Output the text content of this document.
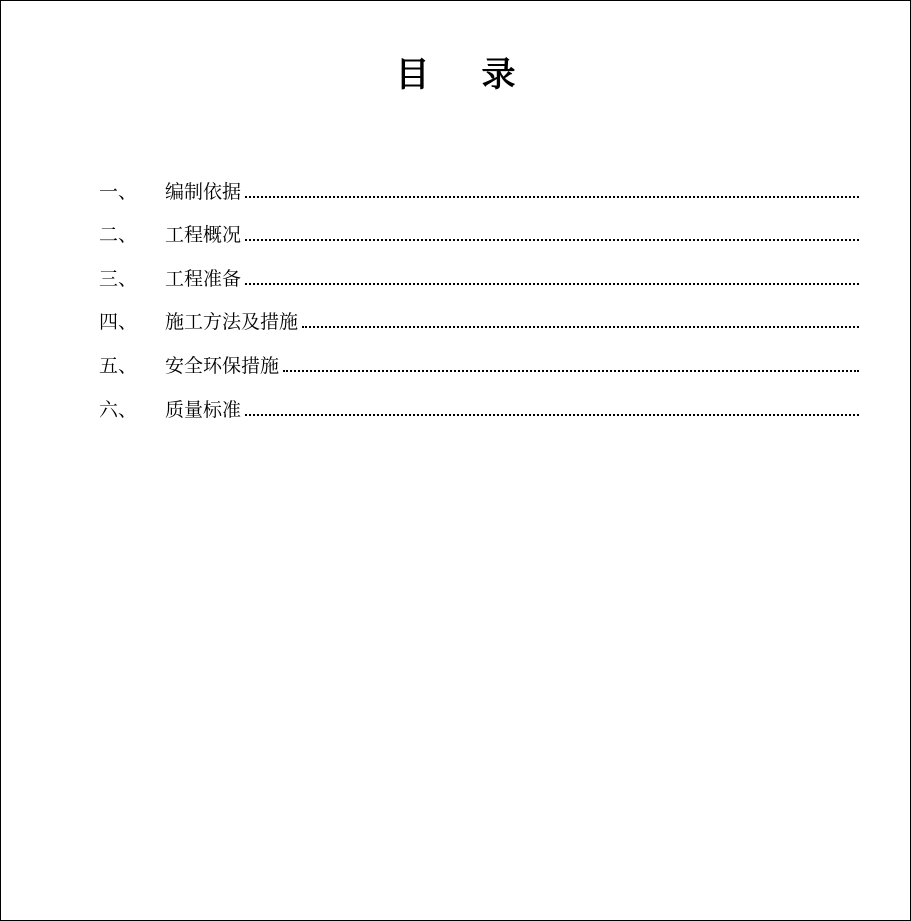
目 录
一、	编制依据
二、	工程概况
三、	工程准备
四、	施工方法及措施
五、	安全环保措施
六、	质量标准
